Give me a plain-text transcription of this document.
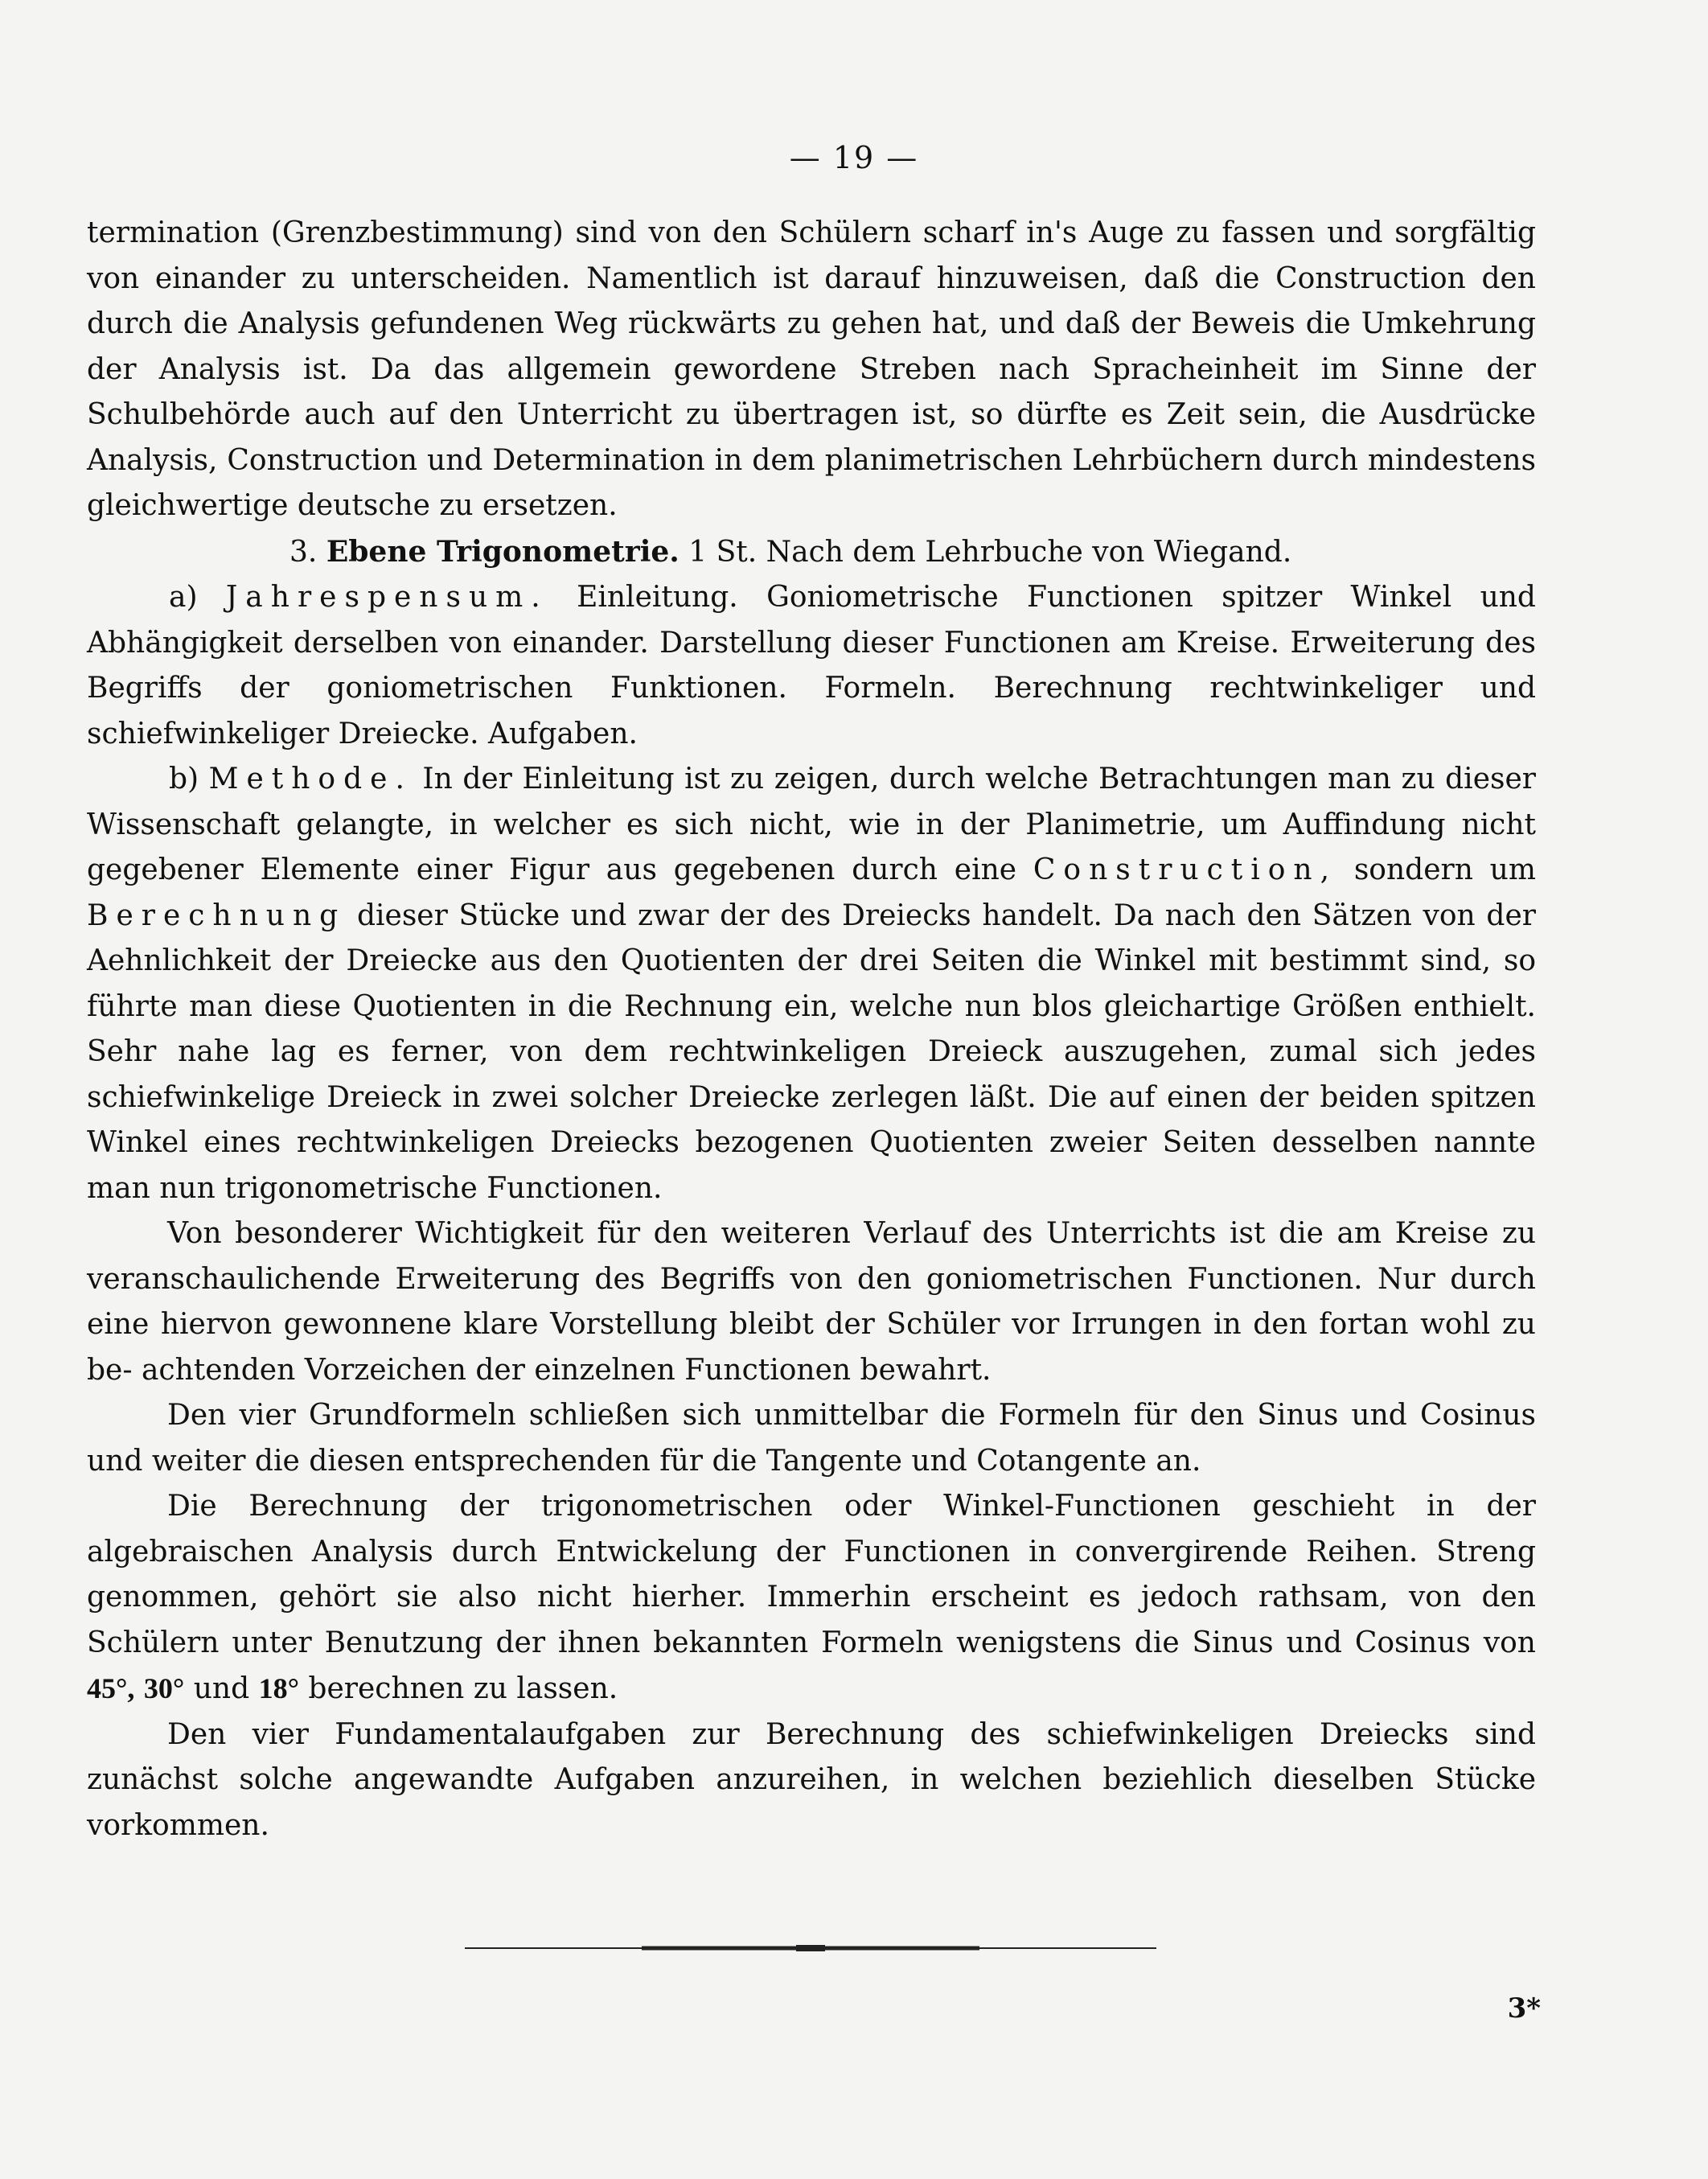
— 19 —

termination (Grenzbestimmung) sind von den Schülern scharf in's Auge zu fassen und sorgfältig von einander zu unterscheiden. Namentlich ist darauf hinzuweisen, daß die Construction den durch die Analysis gefundenen Weg rückwärts zu gehen hat, und daß der Beweis die Umkehrung der Analysis ist. Da das allgemein gewordene Streben nach Spracheinheit im Sinne der Schulbehörde auch auf den Unterricht zu übertragen ist, so dürfte es Zeit sein, die Ausdrücke Analysis, Construction und Determination in dem planimetrischen Lehrbüchern durch mindestens gleichwertige deutsche zu ersetzen.

3. Ebene Trigonometrie. 1 St. Nach dem Lehrbuche von Wiegand.

a) Jahrespensum. Einleitung. Goniometrische Functionen spitzer Winkel und Abhängigkeit derselben von einander. Darstellung dieser Functionen am Kreise. Erweiterung des Begriffs der goniometrischen Funktionen. Formeln. Berechnung rechtwinkeliger und schiefwinkeliger Dreiecke. Aufgaben.

b) Methode. In der Einleitung ist zu zeigen, durch welche Betrachtungen man zu dieser Wissenschaft gelangte, in welcher es sich nicht, wie in der Planimetrie, um Auffindung nicht gegebener Elemente einer Figur aus gegebenen durch eine Construction, sondern um Berechnung dieser Stücke und zwar der des Dreiecks handelt. Da nach den Sätzen von der Aehnlichkeit der Dreiecke aus den Quotienten der drei Seiten die Winkel mit bestimmt sind, so führte man diese Quotienten in die Rechnung ein, welche nun blos gleichartige Größen enthielt. Sehr nahe lag es ferner, von dem rechtwinkeligen Dreieck auszugehen, zumal sich jedes schiefwinkelige Dreieck in zwei solcher Dreiecke zerlegen läßt. Die auf einen der beiden spitzen Winkel eines rechtwinkeligen Dreiecks bezogenen Quotienten zweier Seiten desselben nannte man nun trigonometrische Functionen.

Von besonderer Wichtigkeit für den weiteren Verlauf des Unterrichts ist die am Kreise zu veranschaulichende Erweiterung des Begriffs von den goniometrischen Functionen. Nur durch eine hiervon gewonnene klare Vorstellung bleibt der Schüler vor Irrungen in den fortan wohl zu be- achtenden Vorzeichen der einzelnen Functionen bewahrt.

Den vier Grundformeln schließen sich unmittelbar die Formeln für den Sinus und Cosinus und weiter die diesen entsprechenden für die Tangente und Cotangente an.

Die Berechnung der trigonometrischen oder Winkel-Functionen geschieht in der algebraischen Analysis durch Entwickelung der Functionen in convergirende Reihen. Streng genommen, gehört sie also nicht hierher. Immerhin erscheint es jedoch rathsam, von den Schülern unter Benutzung der ihnen bekannten Formeln wenigstens die Sinus und Cosinus von 45°, 30° und 18° berechnen zu lassen.

Den vier Fundamentalaufgaben zur Berechnung des schiefwinkeligen Dreiecks sind zunächst solche angewandte Aufgaben anzureihen, in welchen beziehlich dieselben Stücke vorkommen.

3*
